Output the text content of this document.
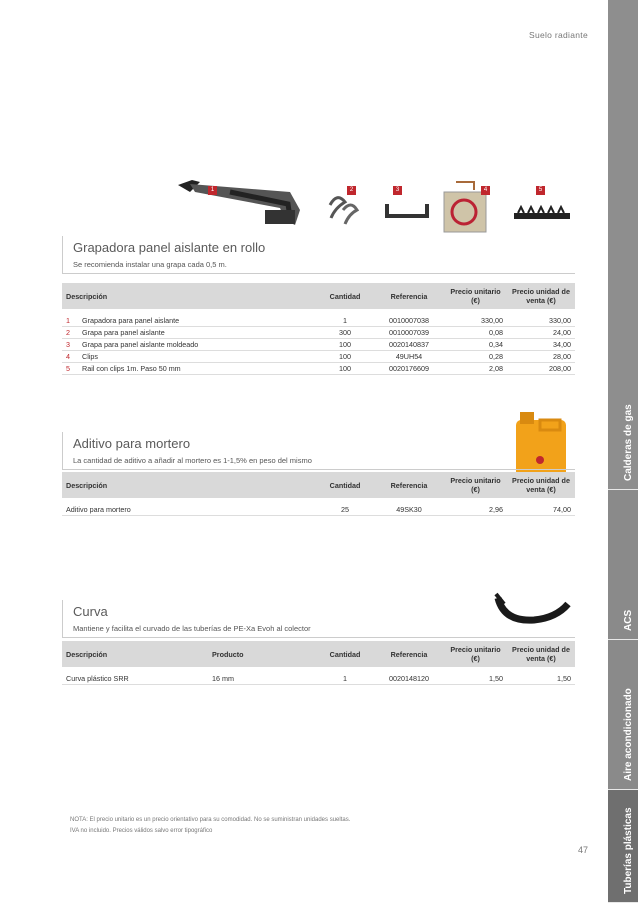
Suelo radiante
Calderas de gas
ACS
Aire acondicionado
Tuberías plásticas
1	2	3	4	5
Grapadora panel aislante en rollo
Se recomienda instalar una grapa cada 0,5 m.
Descripción		Cantidad	Referencia	Precio unitario (€)	Precio unidad de venta (€)

1	Grapadora para panel aislante	1	0010007038	330,00	330,00
2	Grapa para panel aislante	300	0010007039	0,08	24,00
3	Grapa para panel aislante moldeado	100	0020140837	0,34	34,00
4	Clips	100	49UH54	0,28	28,00
5	Rail con clips 1m. Paso 50 mm	100	0020176609	2,08	208,00
Aditivo para mortero
La cantidad de aditivo a añadir al mortero es 1-1,5% en peso del mismo
Descripción	Cantidad	Referencia	Precio unitario (€)	Precio unidad de venta (€)

Aditivo para mortero	25	49SK30	2,96	74,00
Curva
Mantiene y facilita el curvado de las tuberías de PE-Xa Evoh al colector
Descripción	Producto	Cantidad	Referencia	Precio unitario (€)	Precio unidad de venta (€)

Curva plástico SRR	16 mm	1	0020148120	1,50	1,50
NOTA: El precio unitario es un precio orientativo para su comodidad. No se suministran unidades sueltas.
IVA no incluido. Precios válidos salvo error tipográfico
47
